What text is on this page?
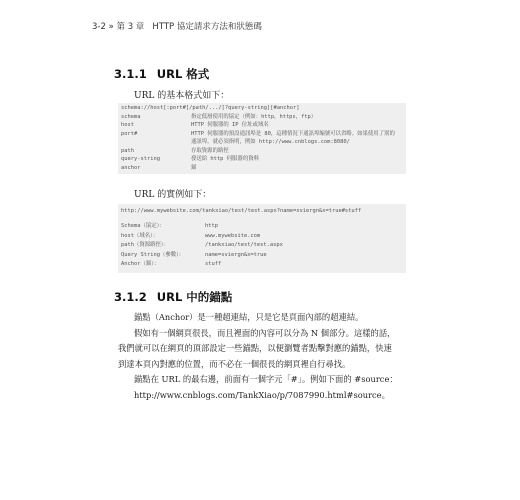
3-2 » 第 3 章 HTTP 協定請求方法和狀態碼
3.1.1 URL 格式
URL 的基本格式如下：
schema://host[:port#]/path/.../[?query-string][#anchor]
schema	指定低層使用的協定（例如：http，https，ftp）
host	HTTP 伺服器的 IP 位址或域名
port#	HTTP 伺服器的預設通訊埠是 80，這種情況下通訊埠編號可以省略。如果使用了別的通訊埠，就必須指明，例如 http://www.cnblogs.com:8080/
path	存取資源的路徑
query-string	發送給 http 伺服器的資料
anchor	錨
URL 的實例如下：
http://www.mywebsite.com/tankxiao/test/test.aspx?name=sviergn&x=true#stuff
Schema（協定）：	http
host（域名）：	www.mywebsite.com
path（資源路徑）：	/tankxiao/test/test.aspx
Query String（參數）：	name=sviergn&x=true
Anchor（錨）：	stuff
3.1.2 URL 中的錨點

錨點（Anchor）是一種超連結，只是它是頁面內部的超連結。

假如有一個網頁很長，而且裡面的內容可以分為 N 個部分。這樣的話，

我們就可以在網頁的頂部設定一些錨點，以便瀏覽者點擊對應的錨點，快速

到達本頁內對應的位置，而不必在一個很長的網頁裡自行尋找。

錨點在 URL 的最右邊，前面有一個字元「#」。例如下面的 #source：

http://www.cnblogs.com/TankXiao/p/7087990.html#source。
